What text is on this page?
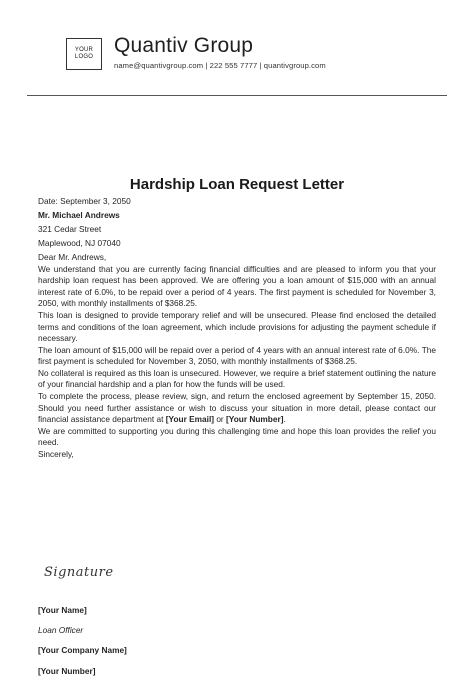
YOUR
LOGO Quantiv Group
name@quantivgroup.com | 222 555 7777 | quantivgroup.com
Hardship Loan Request Letter

Date: September 3, 2050

Mr. Michael Andrews

321 Cedar Street

Maplewood, NJ 07040

Dear Mr. Andrews,

We understand that you are currently facing financial difficulties and are pleased to inform you that your hardship loan request has been approved. We are offering you a loan amount of $15,000 with an annual interest rate of 6.0%, to be repaid over a period of 4 years. The first payment is scheduled for November 3, 2050, with monthly installments of $368.25.

This loan is designed to provide temporary relief and will be unsecured. Please find enclosed the detailed terms and conditions of the loan agreement, which include provisions for adjusting the payment schedule if necessary.

The loan amount of $15,000 will be repaid over a period of 4 years with an annual interest rate of 6.0%. The first payment is scheduled for November 3, 2050, with monthly installments of $368.25.

No collateral is required as this loan is unsecured. However, we require a brief statement outlining the nature of your financial hardship and a plan for how the funds will be used.

To complete the process, please review, sign, and return the enclosed agreement by September 15, 2050. Should you need further assistance or wish to discuss your situation in more detail, please contact our financial assistance department at [Your Email] or [Your Number].

We are committed to supporting you during this challenging time and hope this loan provides the relief you need.

Sincerely,

Signature
[Your Name]
Loan Officer
[Your Company Name]
[Your Number]
